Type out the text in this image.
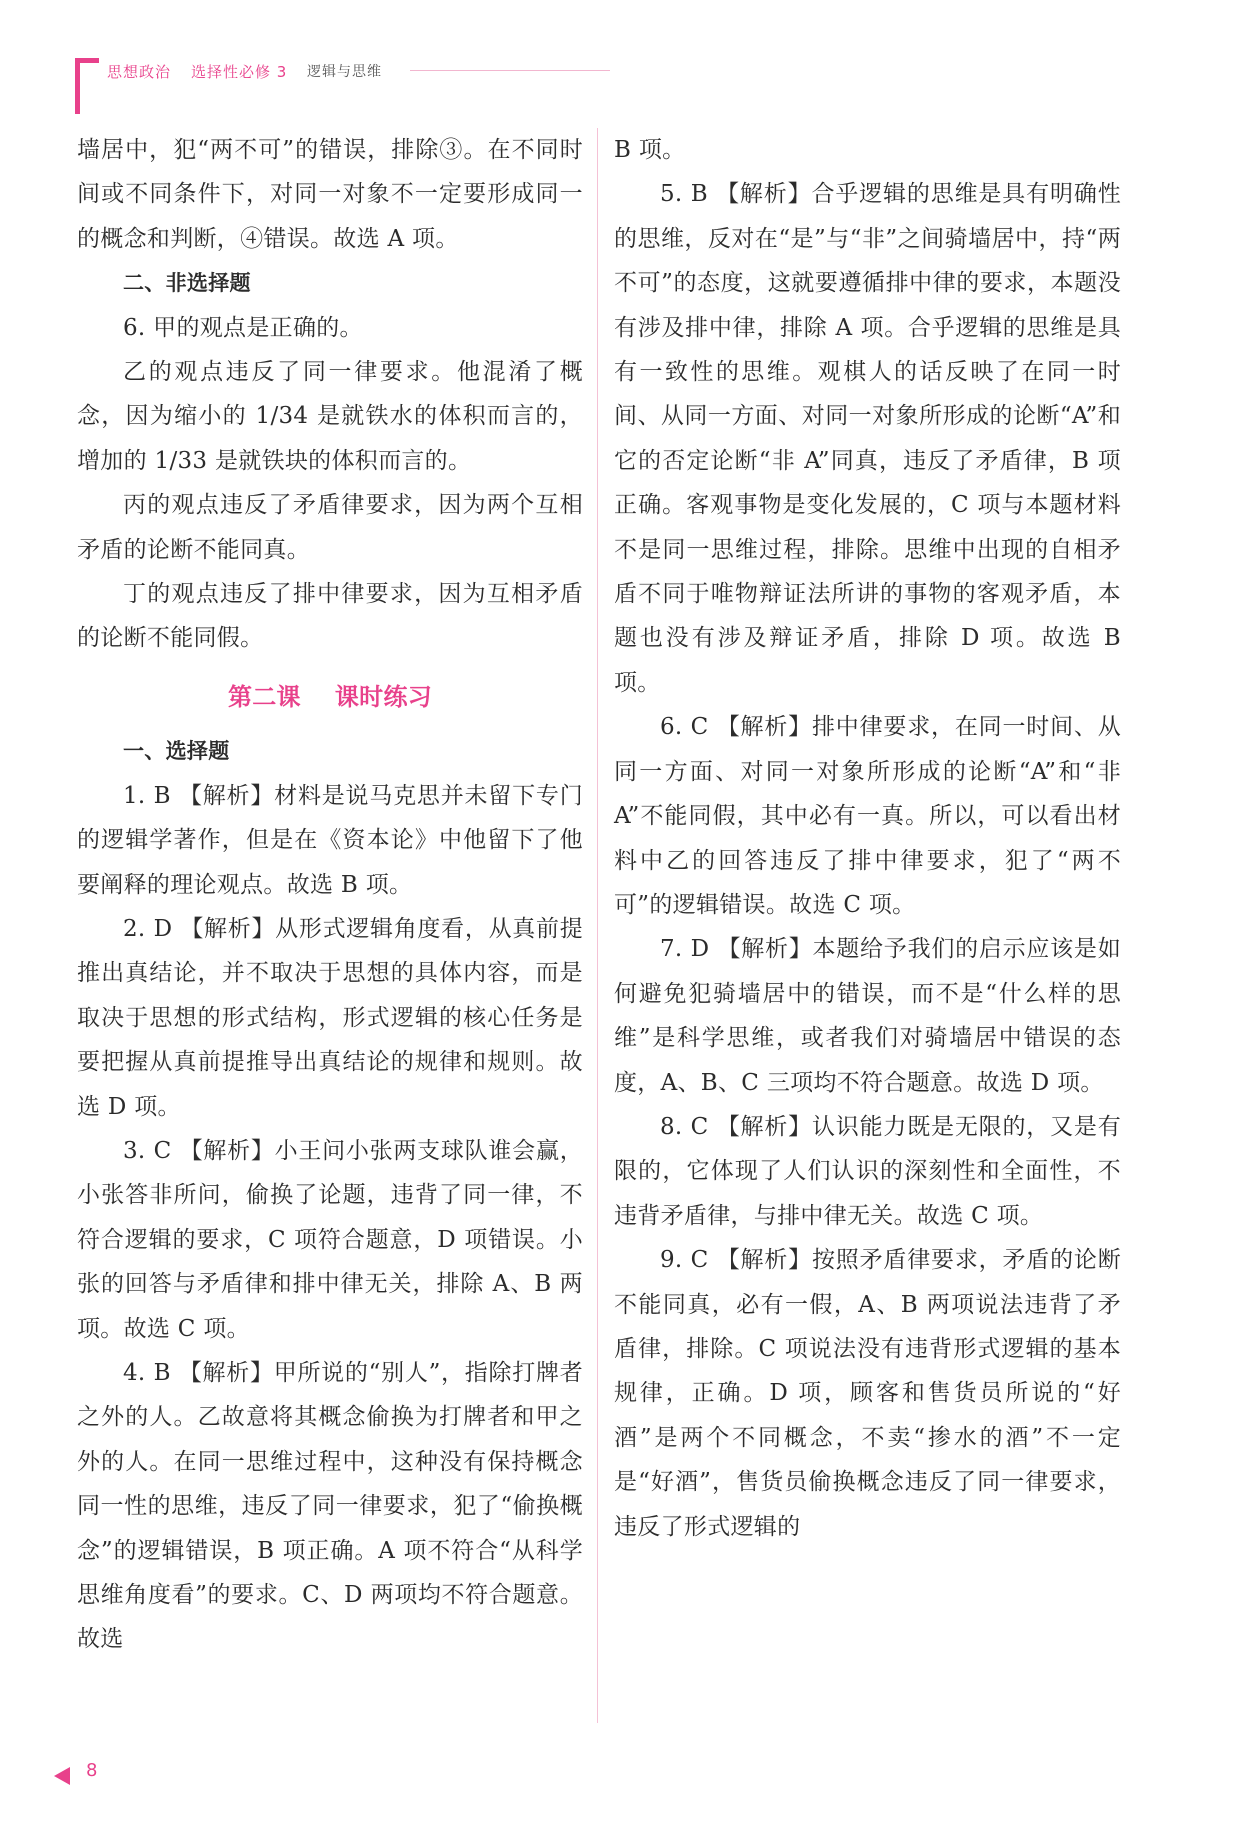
思想政治 选择性必修 3 逻辑与思维

墙居中，犯“两不可”的错误，排除③。在不同时间或不同条件下，对同一对象不一定要形成同一的概念和判断，④错误。故选 A 项。

二、非选择题

6. 甲的观点是正确的。

乙的观点违反了同一律要求。他混淆了概念，因为缩小的 1/34 是就铁水的体积而言的，增加的 1/33 是就铁块的体积而言的。

丙的观点违反了矛盾律要求，因为两个互相矛盾的论断不能同真。

丁的观点违反了排中律要求，因为互相矛盾的论断不能同假。

第二课 课时练习

一、选择题

1. B 【解析】材料是说马克思并未留下专门的逻辑学著作，但是在《资本论》中他留下了他要阐释的理论观点。故选 B 项。

2. D 【解析】从形式逻辑角度看，从真前提推出真结论，并不取决于思想的具体内容，而是取决于思想的形式结构，形式逻辑的核心任务是要把握从真前提推导出真结论的规律和规则。故选 D 项。

3. C 【解析】小王问小张两支球队谁会赢，小张答非所问，偷换了论题，违背了同一律，不符合逻辑的要求，C 项符合题意，D 项错误。小张的回答与矛盾律和排中律无关，排除 A、B 两项。故选 C 项。

4. B 【解析】甲所说的“别人”，指除打牌者之外的人。乙故意将其概念偷换为打牌者和甲之外的人。在同一思维过程中，这种没有保持概念同一性的思维，违反了同一律要求，犯了“偷换概念”的逻辑错误，B 项正确。A 项不符合“从科学思维角度看”的要求。C、D 两项均不符合题意。故选

B 项。

5. B 【解析】合乎逻辑的思维是具有明确性的思维，反对在“是”与“非”之间骑墙居中，持“两不可”的态度，这就要遵循排中律的要求，本题没有涉及排中律，排除 A 项。合乎逻辑的思维是具有一致性的思维。观棋人的话反映了在同一时间、从同一方面、对同一对象所形成的论断“A”和它的否定论断“非 A”同真，违反了矛盾律，B 项正确。客观事物是变化发展的，C 项与本题材料不是同一思维过程，排除。思维中出现的自相矛盾不同于唯物辩证法所讲的事物的客观矛盾，本题也没有涉及辩证矛盾，排除 D 项。故选 B 项。

6. C 【解析】排中律要求，在同一时间、从同一方面、对同一对象所形成的论断“A”和“非 A”不能同假，其中必有一真。所以，可以看出材料中乙的回答违反了排中律要求，犯了“两不可”的逻辑错误。故选 C 项。

7. D 【解析】本题给予我们的启示应该是如何避免犯骑墙居中的错误，而不是“什么样的思维”是科学思维，或者我们对骑墙居中错误的态度，A、B、C 三项均不符合题意。故选 D 项。

8. C 【解析】认识能力既是无限的，又是有限的，它体现了人们认识的深刻性和全面性，不违背矛盾律，与排中律无关。故选 C 项。

9. C 【解析】按照矛盾律要求，矛盾的论断不能同真，必有一假，A、B 两项说法违背了矛盾律，排除。C 项说法没有违背形式逻辑的基本规律，正确。D 项，顾客和售货员所说的“好酒”是两个不同概念，不卖“掺水的酒”不一定是“好酒”，售货员偷换概念违反了同一律要求，违反了形式逻辑的

8
